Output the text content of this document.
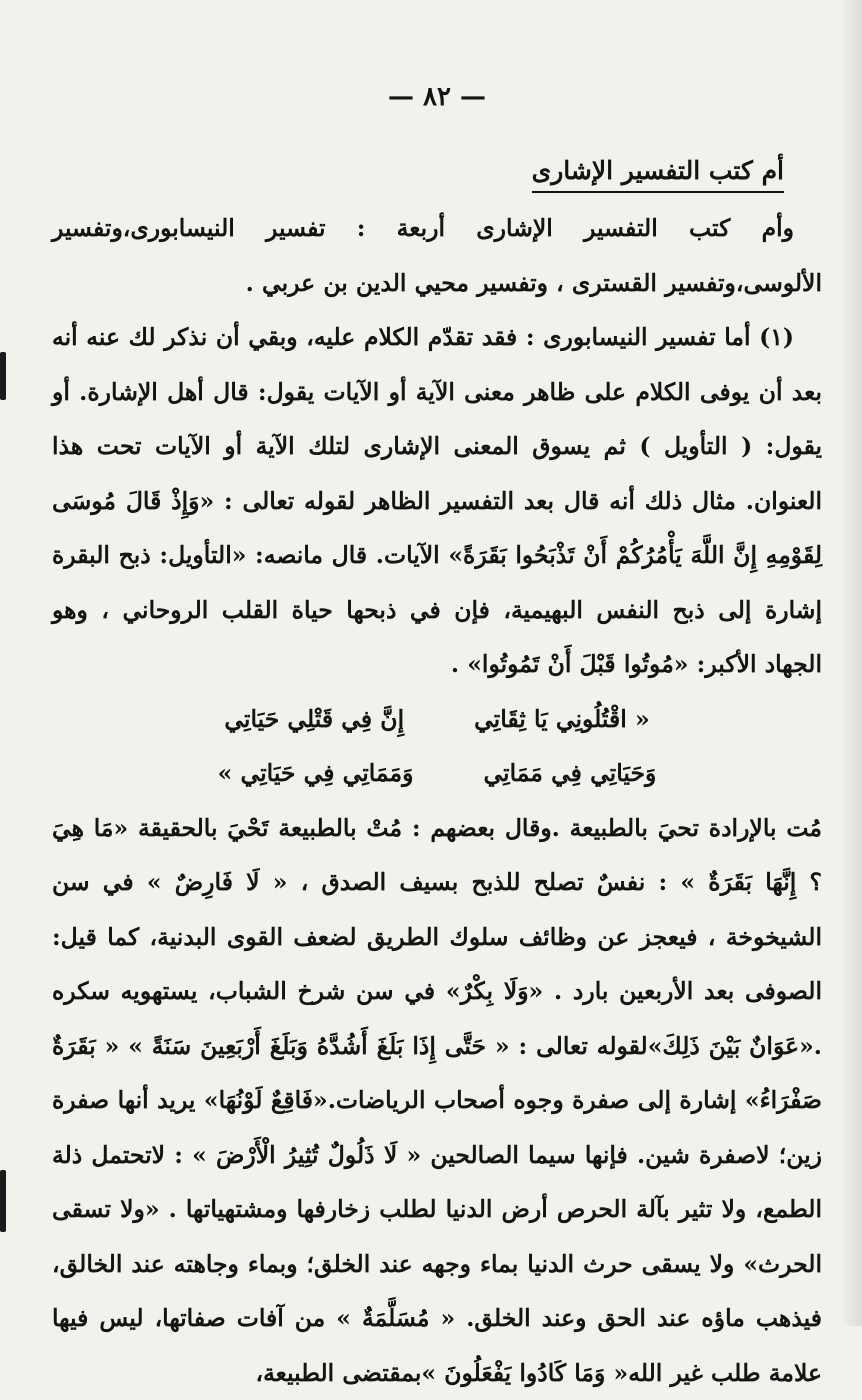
— ٨٢ —
أم كتب التفسير الإشارى

وأم كتب التفسير الإشارى أربعة : تفسير النيسابورى،وتفسير الألوسى،وتفسير القسترى ، وتفسير محيي الدين بن عربي .

(١) أما تفسير النيسابورى : فقد تقدّم الكلام عليه، وبقي أن نذكر لك عنه أنه بعد أن يوفى الكلام على ظاهر معنى الآية أو الآيات يقول: قال أهل الإشارة. أو يقول: ( التأويل ) ثم يسوق المعنى الإشارى لتلك الآية أو الآيات تحت هذا العنوان. مثال ذلك أنه قال بعد التفسير الظاهر لقوله تعالى : «وَإِذْ قَالَ مُوسَى لِقَوْمِهِ إِنَّ اللَّهَ يَأْمُرُكُمْ أَنْ تَذْبَحُوا بَقَرَةً» الآيات. قال مانصه: «التأويل: ذبح البقرة إشارة إلى ذبح النفس البهيمية، فإن في ذبحها حياة القلب الروحاني ، وهو الجهاد الأكبر: «مُوتُوا قَبْلَ أَنْ تَمُوتُوا» .

« اقْتُلُونِي يَا ثِقَاتِي
إِنَّ فِي قَتْلِي حَيَاتِي
وَحَيَاتِي فِي مَمَاتِي
وَمَمَاتِي فِي حَيَاتِي »

مُت بالإرادة تحيَ بالطبيعة .وقال بعضهم : مُتْ بالطبيعة تَحْيَ بالحقيقة «مَا هِيَ ؟ إِنَّهَا بَقَرَةٌ » : نفسٌ تصلح للذبح بسيف الصدق ، « لَا فَارِضٌ » في سن الشيخوخة ، فيعجز عن وظائف سلوك الطريق لضعف القوى البدنية، كما قيل: الصوفى بعد الأربعين بارد . «وَلَا بِكْرٌ» في سن شرخ الشباب، يستهويه سكره .«عَوَانٌ بَيْنَ ذَلِكَ»لقوله تعالى : « حَتَّى إِذَا بَلَغَ أَشُدَّهُ وَبَلَغَ أَرْبَعِينَ سَنَةً » « بَقَرَةٌ صَفْرَاءُ» إشارة إلى صفرة وجوه أصحاب الرياضات.«فَاقِعٌ لَوْنُهَا» يريد أنها صفرة زين؛ لاصفرة شين. فإنها سيما الصالحين « لَا ذَلُولٌ تُثِيرُ الْأَرْضَ » : لاتحتمل ذلة الطمع، ولا تثير بآلة الحرص أرض الدنيا لطلب زخارفها ومشتهياتها . «ولا تسقى الحرث» ولا يسقى حرث الدنيا بماء وجهه عند الخلق؛ وبماء وجاهته عند الخالق، فيذهب ماؤه عند الحق وعند الخلق. « مُسَلَّمَةٌ » من آفات صفاتها، ليس فيها علامة طلب غير الله« وَمَا كَادُوا يَفْعَلُونَ »بمقتضى الطبيعة،
